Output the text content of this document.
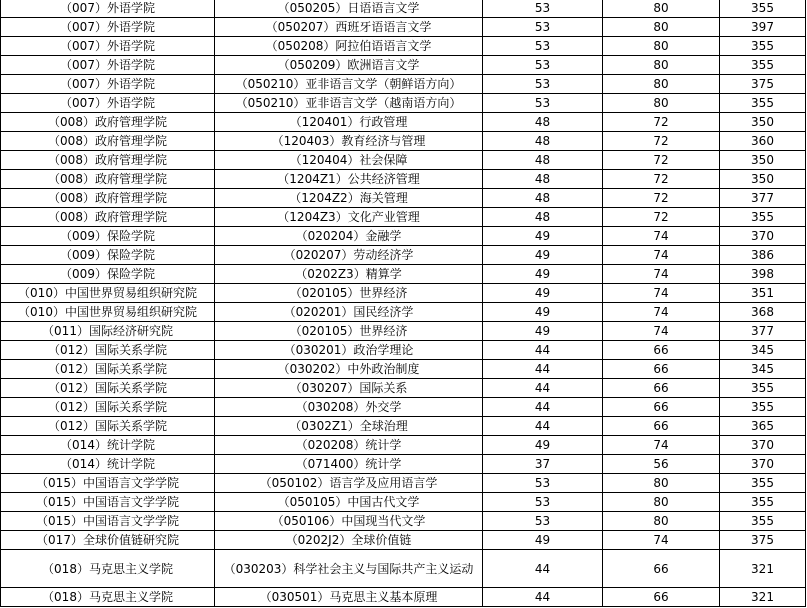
（007）外语学院	（050205）日语语言文学	53	80	355
（007）外语学院	（050207）西班牙语语言文学	53	80	397
（007）外语学院	（050208）阿拉伯语语言文学	53	80	355
（007）外语学院	（050209）欧洲语言文学	53	80	355
（007）外语学院	（050210）亚非语言文学（朝鲜语方向）	53	80	375
（007）外语学院	（050210）亚非语言文学（越南语方向）	53	80	355
（008）政府管理学院	（120401）行政管理	48	72	350
（008）政府管理学院	（120403）教育经济与管理	48	72	360
（008）政府管理学院	（120404）社会保障	48	72	350
（008）政府管理学院	（1204Z1）公共经济管理	48	72	350
（008）政府管理学院	（1204Z2）海关管理	48	72	377
（008）政府管理学院	（1204Z3）文化产业管理	48	72	355
（009）保险学院	（020204）金融学	49	74	370
（009）保险学院	（020207）劳动经济学	49	74	386
（009）保险学院	（0202Z3）精算学	49	74	398
（010）中国世界贸易组织研究院	（020105）世界经济	49	74	351
（010）中国世界贸易组织研究院	（020201）国民经济学	49	74	368
（011）国际经济研究院	（020105）世界经济	49	74	377
（012）国际关系学院	（030201）政治学理论	44	66	345
（012）国际关系学院	（030202）中外政治制度	44	66	345
（012）国际关系学院	（030207）国际关系	44	66	355
（012）国际关系学院	（030208）外交学	44	66	355
（012）国际关系学院	（0302Z1）全球治理	44	66	365
（014）统计学院	（020208）统计学	49	74	370
（014）统计学院	（071400）统计学	37	56	370
（015）中国语言文学学院	（050102）语言学及应用语言学	53	80	355
（015）中国语言文学学院	（050105）中国古代文学	53	80	355
（015）中国语言文学学院	（050106）中国现当代文学	53	80	355
（017）全球价值链研究院	（0202J2）全球价值链	49	74	375
（018）马克思主义学院	（030203）科学社会主义与国际共产主义运动	44	66	321
（018）马克思主义学院	（030501）马克思主义基本原理	44	66	321
